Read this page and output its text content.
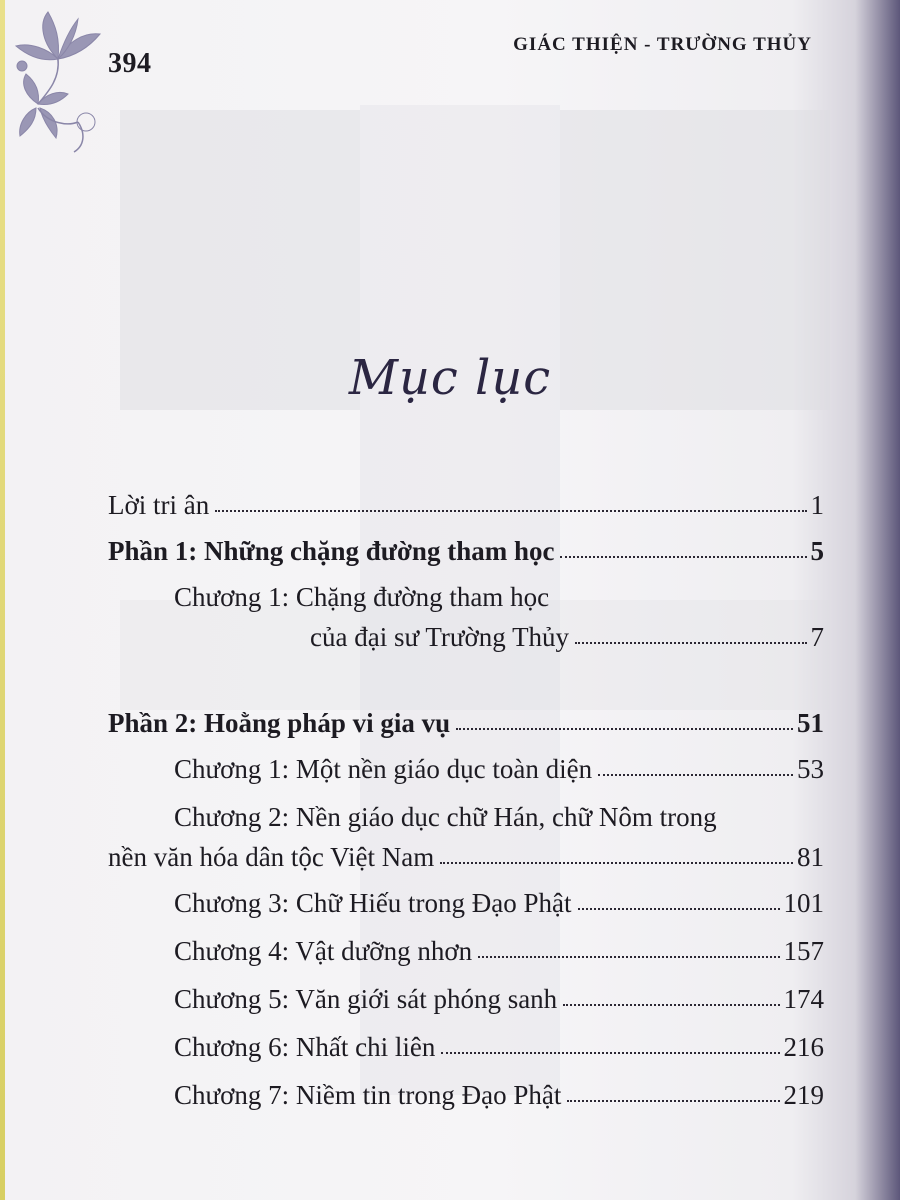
394
GIÁC THIỆN - TRƯỜNG THỦY
Mục lục
Lời tri ân	1
Phần 1: Những chặng đường tham học	5
Chương 1: Chặng đường tham học
của đại sư Trường Thủy	7
Phần 2: Hoằng pháp vi gia vụ	51
Chương 1: Một nền giáo dục toàn diện	53
Chương 2: Nền giáo dục chữ Hán, chữ Nôm trong
nền văn hóa dân tộc Việt Nam	81
Chương 3: Chữ Hiếu trong Đạo Phật	101
Chương 4: Vật dưỡng nhơn	157
Chương 5: Văn giới sát phóng sanh	174
Chương 6: Nhất chi liên	216
Chương 7: Niềm tin trong Đạo Phật	219
